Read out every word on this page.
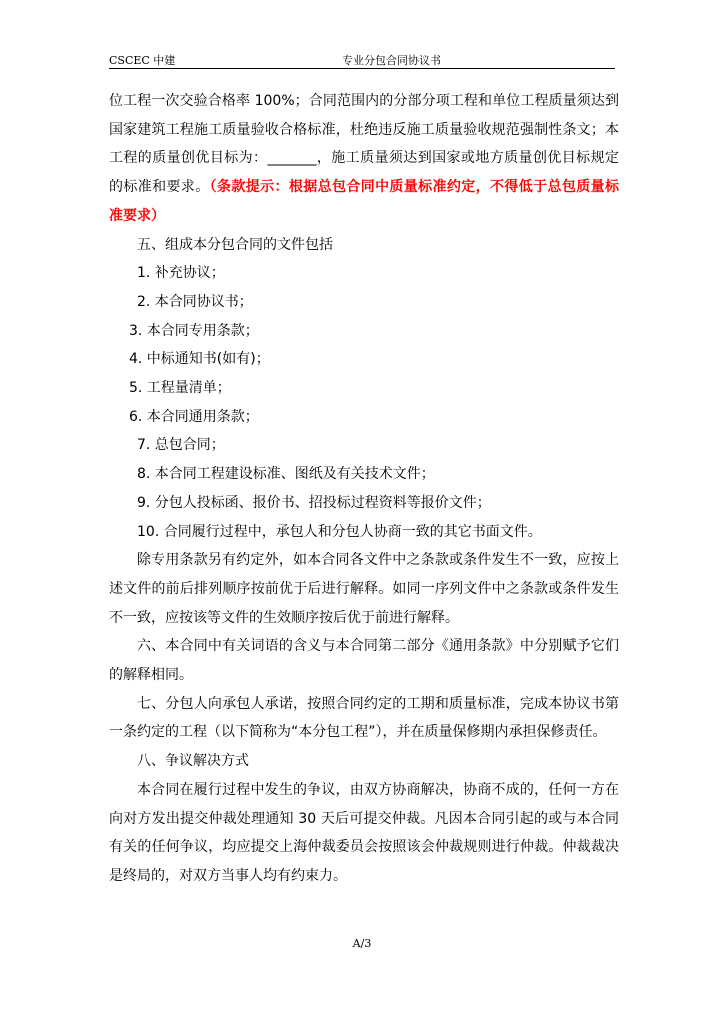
CSCEC 中建	专业分包合同协议书

位工程一次交验合格率 100%；合同范围内的分部分项工程和单位工程质量须达到国家建筑工程施工质量验收合格标准，杜绝违反施工质量验收规范强制性条文；本工程的质量创优目标为：_______，施工质量须达到国家或地方质量创优目标规定的标准和要求。（条款提示：根据总包合同中质量标准约定，不得低于总包质量标准要求）

五、组成本分包合同的文件包括

1. 补充协议；

2. 本合同协议书；

3. 本合同专用条款；

4. 中标通知书(如有)；

5. 工程量清单；

6. 本合同通用条款；

7. 总包合同；

8. 本合同工程建设标准、图纸及有关技术文件；

9. 分包人投标函、报价书、招投标过程资料等报价文件；

10. 合同履行过程中，承包人和分包人协商一致的其它书面文件。

除专用条款另有约定外，如本合同各文件中之条款或条件发生不一致，应按上述文件的前后排列顺序按前优于后进行解释。如同一序列文件中之条款或条件发生不一致，应按该等文件的生效顺序按后优于前进行解释。

六、本合同中有关词语的含义与本合同第二部分《通用条款》中分别赋予它们的解释相同。

七、分包人向承包人承诺，按照合同约定的工期和质量标准，完成本协议书第一条约定的工程（以下简称为“本分包工程”），并在质量保修期内承担保修责任。

八、争议解决方式

本合同在履行过程中发生的争议，由双方协商解决，协商不成的，任何一方在向对方发出提交仲裁处理通知 30 天后可提交仲裁。凡因本合同引起的或与本合同有关的任何争议，均应提交上海仲裁委员会按照该会仲裁规则进行仲裁。仲裁裁决是终局的，对双方当事人均有约束力。

A/3
